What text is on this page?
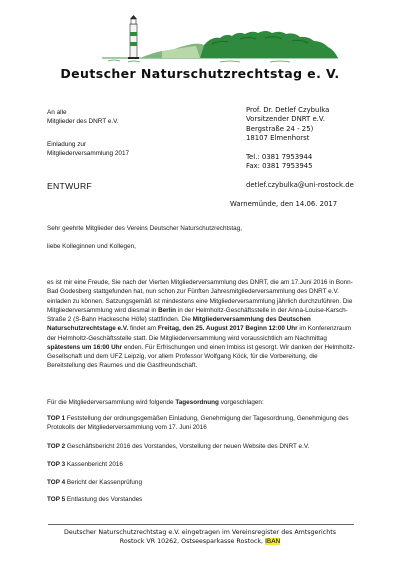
Deutscher Naturschutzrechtstag e. V.
An alle
Mitglieder des DNRT e.V.
Einladung zur
Mitgliederversammlung 2017
Prof. Dr. Detlef Czybulka
Vorsitzender DNRT e.V.
Bergstraße 24 - 25)
18107 Elmenhorst
Tel.: 0381 7953944
Fax: 0381 7953945
detlef.czybulka@uni-rostock.de
ENTWURF
Warnemünde, den 14.06. 2017
Sehr geehrte Mitglieder des Vereins Deutscher Naturschutzrechtstag,
liebe Kolleginnen und Kollegen,

es ist mir eine Freude, Sie nach der Vierten Mitgliederversammlung des DNRT, die am 17.Juni 2016 in Bonn-Bad Godesberg stattgefunden hat, nun schon zur Fünften Jahresmitgliederversammlung des DNRT e.V. einladen zu können. Satzungsgemäß ist mindestens eine Mitgliederversammlung jährlich durchzuführen. Die Mitgliederversammlung wird diesmal in Berlin in der Helmholtz-Geschäftsstelle in der Anna-Louise-Karsch-Straße 2 (S-Bahn Hackesche Höfe) stattfinden. Die Mitgliederversammlung des Deutschen Naturschutzrechtstage e.V. findet am Freitag, den 25. August 2017 Beginn 12:00 Uhr im Konferenzraum der Helmholtz-Geschäftsstelle statt. Die Mitgliederversammlung wird voraussichtlich am Nachmittag spätestens um 16:00 Uhr enden. Für Erfrischungen und einen Imbiss ist gesorgt. Wir danken der Helmholtz-Gesellschaft und dem UFZ Leipzig, vor allem Professor Wolfgang Köck, für die Vorbereitung, die Bereitstellung des Raumes und die Gastfreundschaft.

Für die Mitgliederversammlung wird folgende Tagesordnung vorgeschlagen:
TOP 1 Feststellung der ordnungsgemäßen Einladung, Genehmigung der Tagesordnung, Genehmigung des Protokolls der Mitgliederversammlung vom 17. Juni 2016
TOP 2 Geschäftsbericht 2016 des Vorstandes, Vorstellung der neuen Website des DNRT e.V.
TOP 3 Kassenbericht 2016
TOP 4 Bericht der Kassenprüfung
TOP 5 Entlastung des Vorstandes
Deutscher Naturschutzrechtstag e.V. eingetragen im Vereinsregister des Amtsgerichts
Rostock VR 10262, Ostseesparkasse Rostock, IBAN
